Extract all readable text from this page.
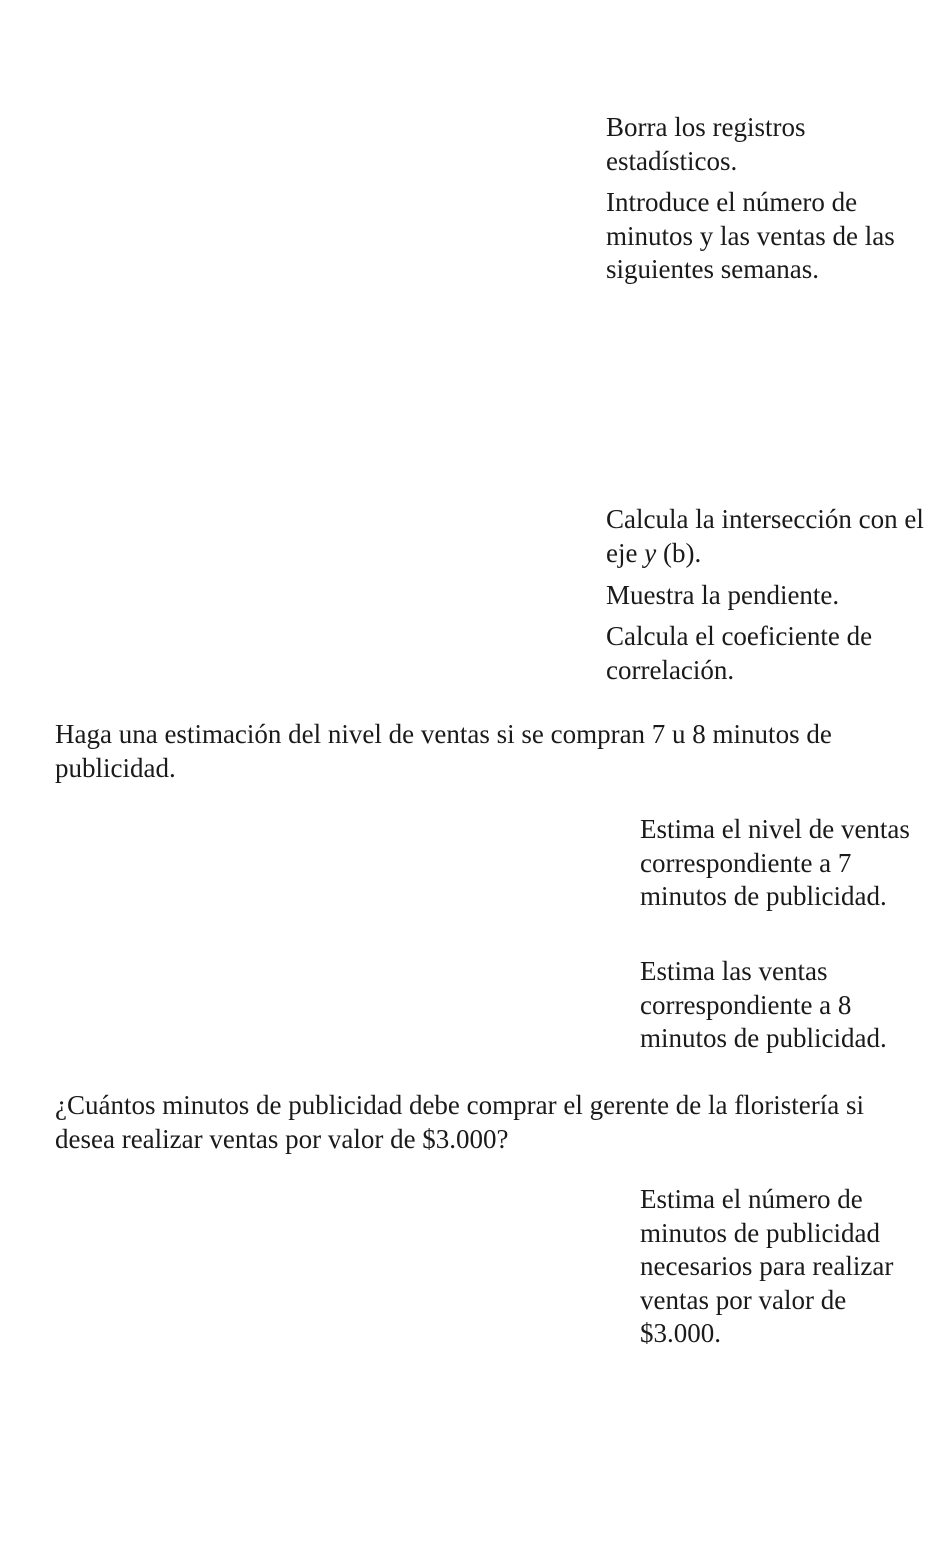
Borra los registros estadísticos.

Introduce el número de minutos y las ventas de las siguientes semanas.

Calcula la intersección con el eje y (b).

Muestra la pendiente.

Calcula el coeficiente de correlación.

Haga una estimación del nivel de ventas si se compran 7 u 8 minutos de publicidad.

Estima el nivel de ventas correspondiente a 7 minutos de publicidad.

Estima las ventas correspondiente a 8 minutos de publicidad.

¿Cuántos minutos de publicidad debe comprar el gerente de la floristería si desea realizar ventas por valor de $3.000?

Estima el número de minutos de publicidad necesarios para realizar ventas por valor de $3.000.
